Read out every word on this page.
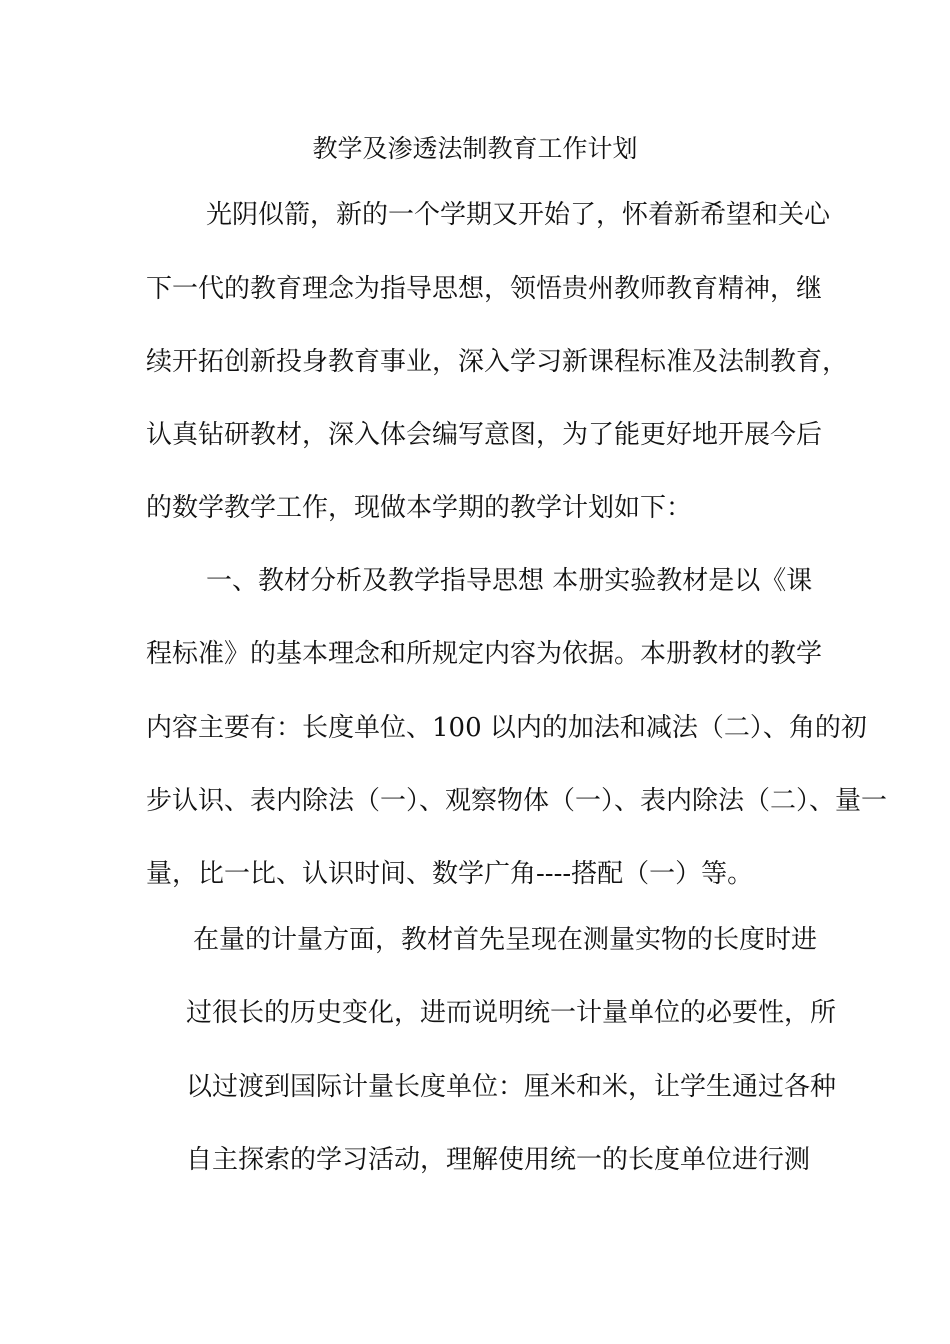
教学及渗透法制教育工作计划
光阴似箭，新的一个学期又开始了，怀着新希望和关心
下一代的教育理念为指导思想，领悟贵州教师教育精神，继
续开拓创新投身教育事业，深入学习新课程标准及法制教育，
认真钻研教材，深入体会编写意图，为了能更好地开展今后
的数学教学工作，现做本学期的教学计划如下：
一、教材分析及教学指导思想 本册实验教材是以《课
程标准》的基本理念和所规定内容为依据。本册教材的教学
内容主要有：长度单位、100 以内的加法和减法（二）、角的初
步认识、表内除法（一）、观察物体（一）、表内除法（二）、量一
量，比一比、认识时间、数学广角----搭配（一）等。
在量的计量方面，教材首先呈现在测量实物的长度时进
过很长的历史变化，进而说明统一计量单位的必要性，所
以过渡到国际计量长度单位：厘米和米，让学生通过各种
自主探索的学习活动，理解使用统一的长度单位进行测
